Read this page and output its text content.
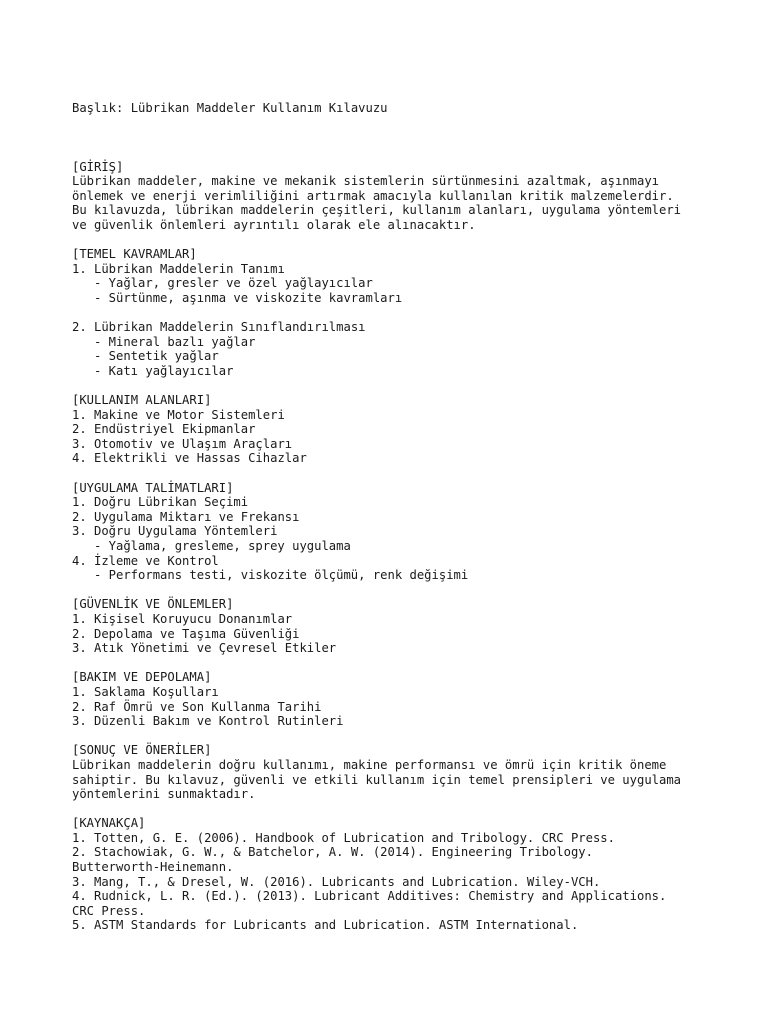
Başlık: Lübrikan Maddeler Kullanım Kılavuzu

[GİRİŞ]
Lübrikan maddeler, makine ve mekanik sistemlerin sürtünmesini azaltmak, aşınmayı
önlemek ve enerji verimliliğini artırmak amacıyla kullanılan kritik malzemelerdir.
Bu kılavuzda, lübrikan maddelerin çeşitleri, kullanım alanları, uygulama yöntemleri
ve güvenlik önlemleri ayrıntılı olarak ele alınacaktır.
[TEMEL KAVRAMLAR]
1. Lübrikan Maddelerin Tanımı
- Yağlar, gresler ve özel yağlayıcılar
- Sürtünme, aşınma ve viskozite kavramları
2. Lübrikan Maddelerin Sınıflandırılması
- Mineral bazlı yağlar
- Sentetik yağlar
- Katı yağlayıcılar
[KULLANIM ALANLARI]
1. Makine ve Motor Sistemleri
2. Endüstriyel Ekipmanlar
3. Otomotiv ve Ulaşım Araçları
4. Elektrikli ve Hassas Cihazlar
[UYGULAMA TALİMATLARI]
1. Doğru Lübrikan Seçimi
2. Uygulama Miktarı ve Frekansı
3. Doğru Uygulama Yöntemleri
- Yağlama, gresleme, sprey uygulama
4. İzleme ve Kontrol
- Performans testi, viskozite ölçümü, renk değişimi
[GÜVENLİK VE ÖNLEMLER]
1. Kişisel Koruyucu Donanımlar
2. Depolama ve Taşıma Güvenliği
3. Atık Yönetimi ve Çevresel Etkiler
[BAKIM VE DEPOLAMA]
1. Saklama Koşulları
2. Raf Ömrü ve Son Kullanma Tarihi
3. Düzenli Bakım ve Kontrol Rutinleri
[SONUÇ VE ÖNERİLER]
Lübrikan maddelerin doğru kullanımı, makine performansı ve ömrü için kritik öneme
sahiptir. Bu kılavuz, güvenli ve etkili kullanım için temel prensipleri ve uygulama
yöntemlerini sunmaktadır.
[KAYNAKÇA]
1. Totten, G. E. (2006). Handbook of Lubrication and Tribology. CRC Press.
2. Stachowiak, G. W., & Batchelor, A. W. (2014). Engineering Tribology.
Butterworth-Heinemann.
3. Mang, T., & Dresel, W. (2016). Lubricants and Lubrication. Wiley-VCH.
4. Rudnick, L. R. (Ed.). (2013). Lubricant Additives: Chemistry and Applications.
CRC Press.
5. ASTM Standards for Lubricants and Lubrication. ASTM International.
